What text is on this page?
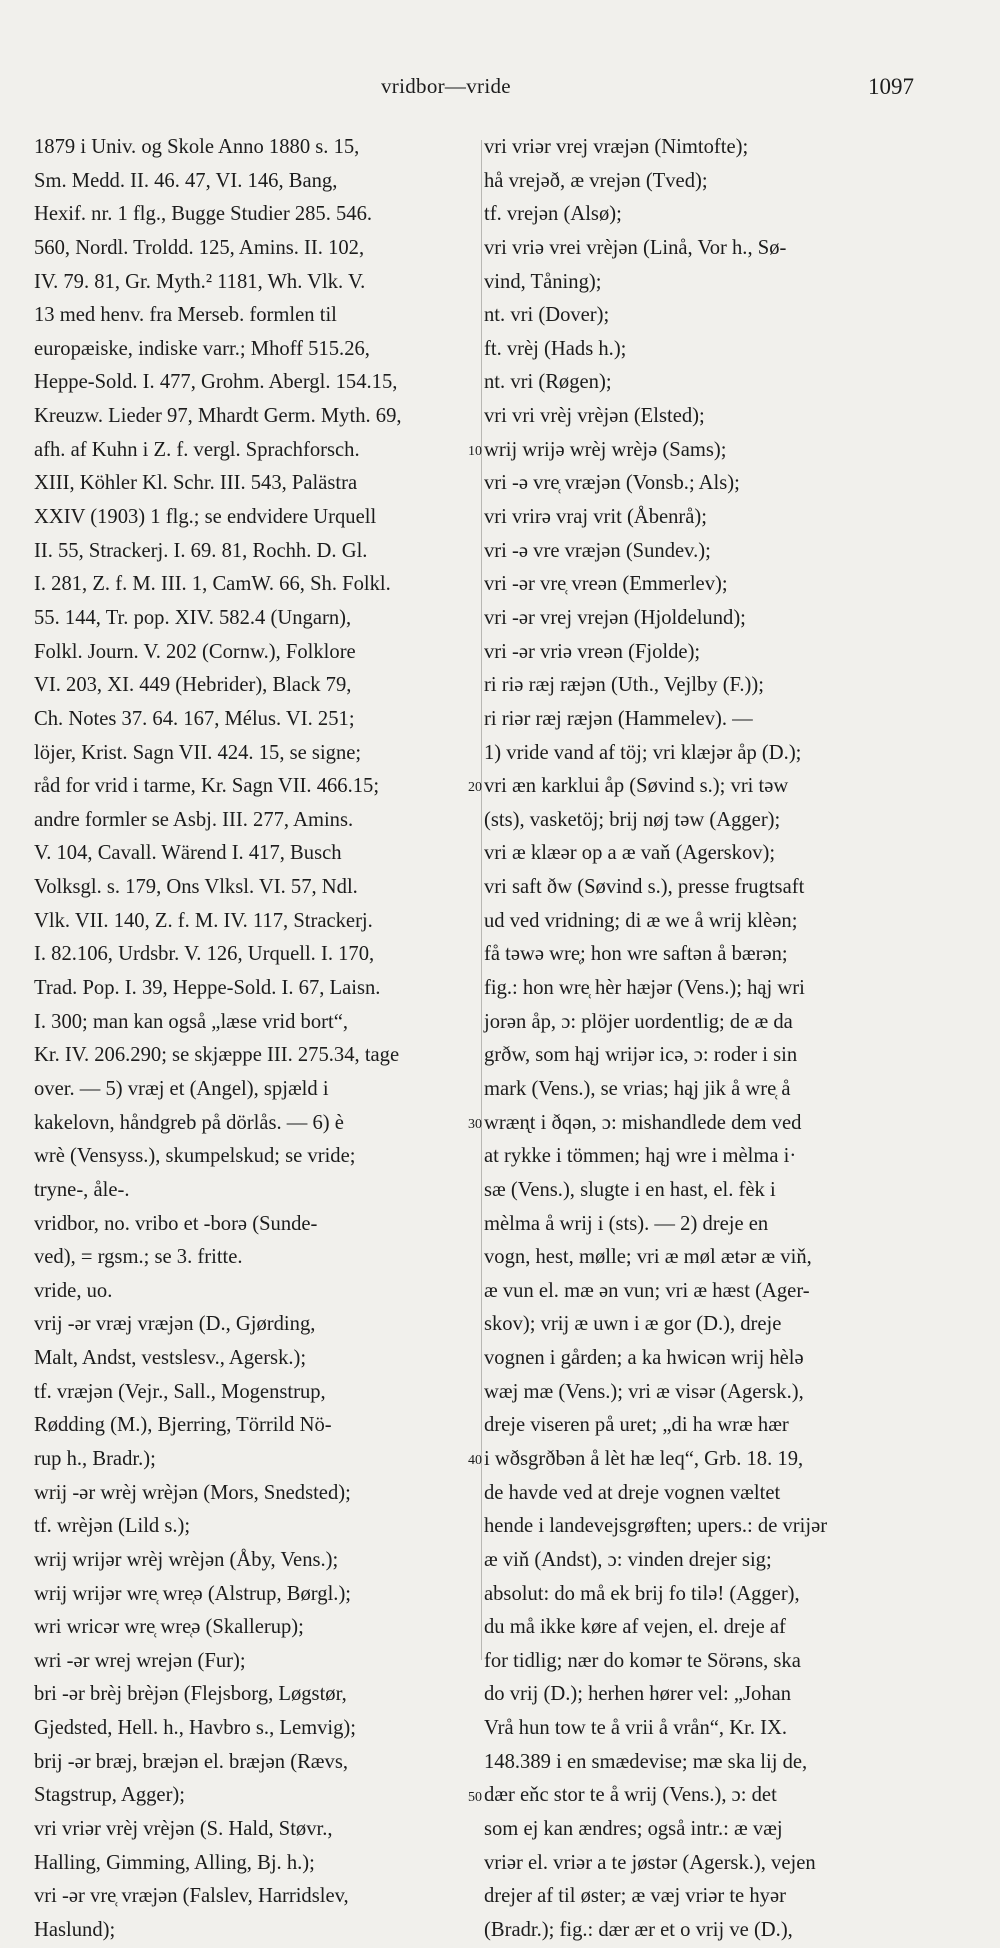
vridbor—vride	1097
1879 i Univ. og Skole Anno 1880 s. 15,
Sm. Medd. II. 46. 47, VI. 146, Bang,
Hexif. nr. 1 flg., Bugge Studier 285. 546.
560, Nordl. Troldd. 125, Amins. II. 102,
IV. 79. 81, Gr. Myth.² 1181, Wh. Vlk. V.
13 med henv. fra Merseb. formlen til
europæiske, indiske varr.; Mhoff 515.26,
Heppe-Sold. I. 477, Grohm. Abergl. 154.15,
Kreuzw. Lieder 97, Mhardt Germ. Myth. 69,
afh. af Kuhn i Z. f. vergl. Sprachforsch.
XIII, Köhler Kl. Schr. III. 543, Palästra
XXIV (1903) 1 flg.; se endvidere Urquell
II. 55, Strackerj. I. 69. 81, Rochh. D. Gl.
I. 281, Z. f. M. III. 1, CamW. 66, Sh. Folkl.
55. 144, Tr. pop. XIV. 582.4 (Ungarn),
Folkl. Journ. V. 202 (Cornw.), Folklore
VI. 203, XI. 449 (Hebrider), Black 79,
Ch. Notes 37. 64. 167, Mélus. VI. 251;
löjer, Krist. Sagn VII. 424. 15, se signe;
råd for vrid i tarme, Kr. Sagn VII. 466.15;
andre formler se Asbj. III. 277, Amins.
V. 104, Cavall. Wärend I. 417, Busch
Volksgl. s. 179, Ons Vlksl. VI. 57, Ndl.
Vlk. VII. 140, Z. f. M. IV. 117, Strackerj.
I. 82.106, Urdsbr. V. 126, Urquell. I. 170,
Trad. Pop. I. 39, Heppe-Sold. I. 67, Laisn.
I. 300; man kan også „læse vrid bort“,
Kr. IV. 206.290; se skjæppe III. 275.34, tage
over. — 5) vræj et (Angel), spjæld i
kakelovn, håndgreb på dörlås. — 6) è
wrè (Vensyss.), skumpelskud; se vride;
tryne-, åle-.
vridbor, no. vribo et -borə (Sunde-
ved), = rgsm.; se 3. fritte.
vride, uo.
vrij -ər vræj vræjən (D., Gjørding,
Malt, Andst, vestslesv., Agersk.);
tf. vræjən (Vejr., Sall., Mogenstrup,
Rødding (M.), Bjerring, Törrild Nö-
rup h., Bradr.);
wrij -ər wrèj wrèjən (Mors, Snedsted);
tf. wrèjən (Lild s.);
wrij wrijər wrèj wrèjən (Åby, Vens.);
wrij wrijər wre̜ wre̜ə (Alstrup, Børgl.);
wri wricər wre̜ wre̜ə (Skallerup);
wri -ər wrej wrejən (Fur);
bri -ər brèj brèjən (Flejsborg, Løgstør,
Gjedsted, Hell. h., Havbro s., Lemvig);
brij -ər bræj, bræjən el. bræjən (Rævs,
Stagstrup, Agger);
vri vriər vrèj vrèjən (S. Hald, Støvr.,
Halling, Gimming, Alling, Bj. h.);
vri -ər vre̜ vræjən (Falslev, Harridslev,
Haslund);
vri vriər vrej vræjən (Nimtofte);
hå vrejəð, æ vrejən (Tved);
tf. vrejən (Alsø);
vri vriə vrei vrèjən (Linå, Vor h., Sø-
vind, Tåning);
nt. vri (Dover);
ft. vrèj (Hads h.);
nt. vri (Røgen);
vri vri vrèj vrèjən (Elsted);
wrij wrijə wrèj wrèjə (Sams);
vri -ə vre̜ vræjən (Vonsb.; Als);
vri vrirə vraj vrit (Åbenrå);
vri -ə vre vræjən (Sundev.);
vri -ər vre̜ vreən (Emmerlev);
vri -ər vrej vrejən (Hjoldelund);
vri -ər vriə vreən (Fjolde);
ri riə ræj ræjən (Uth., Vejlby (F.));
ri riər ræj ræjən (Hammelev). —
1) vride vand af töj; vri klæjər åp (D.);
vri æn karklui åp (Søvind s.); vri təw
(sts), vasketöj; brij nøj təw (Agger);
vri æ klæər op a æ vaň (Agerskov);
vri saft ðw (Søvind s.), presse frugtsaft
ud ved vridning; di æ we å wrij klèən;
få təwə wre̜; hon wre saftən å bærən;
fig.: hon wre̜ hèr hæjər (Vens.); hąj wri
jorən åp, ɔ: plöjer uordentlig; de æ da
grðw, som hąj wrijər icə, ɔ: roder i sin
mark (Vens.), se vrias; hąj jik å wre̜ å
wræn̨t i ðqən, ɔ: mishandlede dem ved
at rykke i tömmen; hąj wre i mèlma i·
sæ (Vens.), slugte i en hast, el. fèk i
mèlma å wrij i (sts). — 2) dreje en
vogn, hest, mølle; vri æ møl ætər æ viň,
æ vun el. mæ ən vun; vri æ hæst (Ager-
skov); vrij æ uwn i æ gor (D.), dreje
vognen i gården; a ka hwicən wrij hèlə
wæj mæ (Vens.); vri æ visər (Agersk.),
dreje viseren på uret; „di ha wræ hær
i wðsgrðbən å lèt hæ leq“, Grb. 18. 19,
de havde ved at dreje vognen væltet
hende i landevejsgrøften; upers.: de vrijər
æ viň (Andst), ɔ: vinden drejer sig;
absolut: do må ek brij fo tilə! (Agger),
du må ikke køre af vejen, el. dreje af
for tidlig; nær do komər te Sörəns, ska
do vrij (D.); herhen hører vel: „Johan
Vrå hun tow te å vrii å vrån“, Kr. IX.
148.389 i en smædevise; mæ ska lij de,
dær eňc stor te å wrij (Vens.), ɔ: det
som ej kan ændres; også intr.: æ væj
vriər el. vriər a te jøstər (Agersk.), vejen
drejer af til øster; æ væj vriər te hyər
(Bradr.); fig.: dær ær et o vrij ve (D.),
10
20
30
40
50
